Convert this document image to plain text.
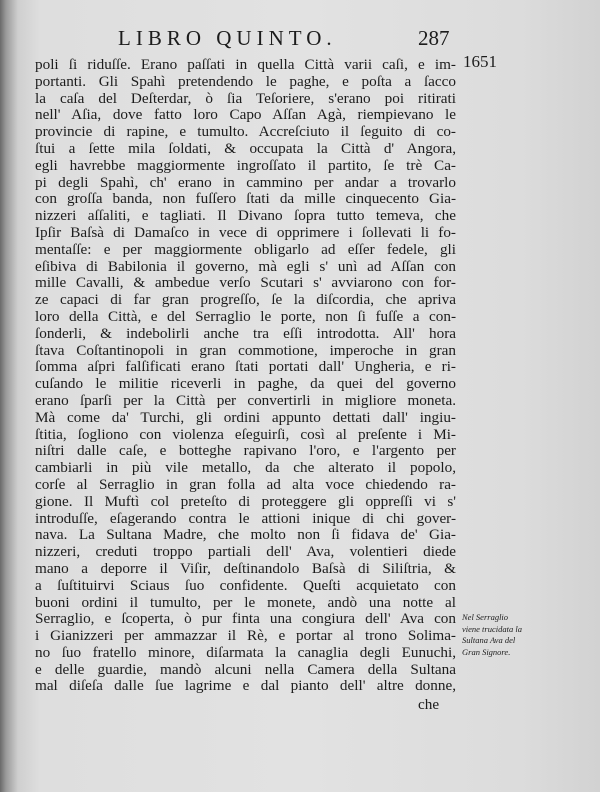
LIBRO QUINTO.	287
1651
poli ſi riduſſe. Erano paſſati in quella Città varii caſi, e im-
portanti. Gli Spahì pretendendo le paghe, e poſta a ſacco
la caſa del Deſterdar, ò ſia Teſoriere, s'erano poi ritirati
nell' Aſia, dove fatto loro Capo Aſſan Agà, riempievano le
provincie di rapine, e tumulto. Accreſciuto il ſeguito di co-
ſtui a ſette mila ſoldati, & occupata la Città d' Angora,
egli havrebbe maggiormente ingroſſato il partito, ſe trè Ca-
pi degli Spahì, ch' erano in cammino per andar a trovarlo
con groſſa banda, non fuſſero ſtati da mille cinquecento Gia-
nizzeri aſſaliti, e tagliati. Il Divano ſopra tutto temeva, che
Ipſir Baſsà di Damaſco in vece di opprimere i ſollevati li fo-
mentaſſe: e per maggiormente obligarlo ad eſſer fedele, gli
eſibiva di Babilonia il governo, mà egli s' unì ad Aſſan con
mille Cavalli, & ambedue verſo Scutari s' avviarono con for-
ze capaci di far gran progreſſo, ſe la diſcordia, che apriva
loro della Città, e del Serraglio le porte, non ſi fuſſe a con-
ſonderli, & indebolirli anche tra eſſi introdotta. All' hora
ſtava Coſtantinopoli in gran commotione, imperoche in gran
ſomma aſpri falſificati erano ſtati portati dall' Ungheria, e ri-
cuſando le militie riceverli in paghe, da quei del governo
erano ſparſi per la Città per convertirli in migliore moneta.
Mà come da' Turchi, gli ordini appunto dettati dall' ingiu-
ſtitia, ſogliono con violenza eſeguirſi, così al preſente i Mi-
niſtri dalle caſe, e botteghe rapivano l'oro, e l'argento per
cambiarli in più vile metallo, da che alterato il popolo,
corſe al Serraglio in gran folla ad alta voce chiedendo ra-
gione. Il Muftì col preteſto di proteggere gli oppreſſi vi s'
introduſſe, eſagerando contra le attioni inique di chi gover-
nava. La Sultana Madre, che molto non ſi fidava de' Gia-
nizzeri, creduti troppo partiali dell' Ava, volentieri diede
mano a deporre il Viſir, deſtinandolo Baſsà di Siliſtria, &
a ſuſtituirvi Sciaus ſuo confidente. Queſti acquietato con
buoni ordini il tumulto, per le monete, andò una notte al
Serraglio, e ſcoperta, ò pur finta una congiura dell' Ava con
i Gianizzeri per ammazzar il Rè, e portar al trono Solima-
no ſuo fratello minore, diſarmata la canaglia degli Eunuchi,
e delle guardie, mandò alcuni nella Camera della Sultana
mal diſeſa dalle ſue lagrime e dal pianto dell' altre donne,
che
Nel Serraglio viene trucidata la Sultana Ava del Gran Signore.
